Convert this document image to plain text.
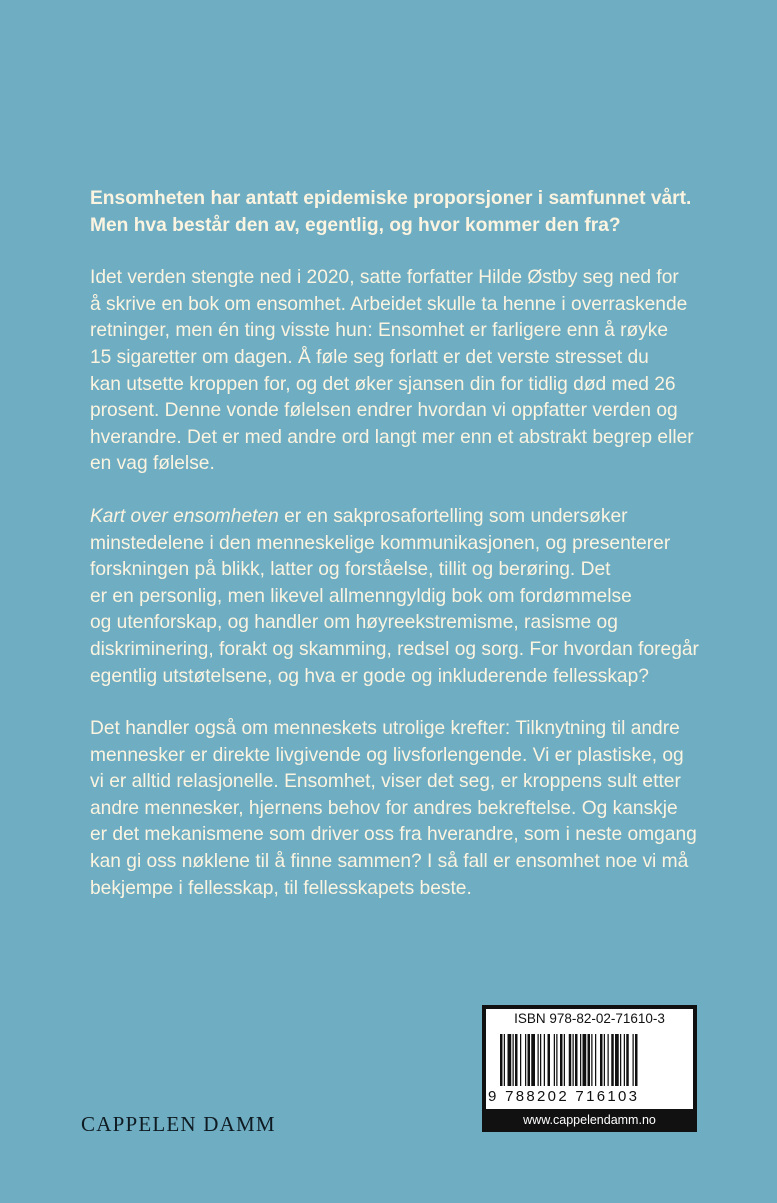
Ensomheten har antatt epidemiske proporsjoner i samfunnet vårt.
Men hva består den av, egentlig, og hvor kommer den fra?

Idet verden stengte ned i 2020, satte forfatter Hilde Østby seg ned for
å skrive en bok om ensomhet. Arbeidet skulle ta henne i overraskende
retninger, men én ting visste hun: Ensomhet er farligere enn å røyke
15 sigaretter om dagen. Å føle seg forlatt er det verste stresset du
kan utsette kroppen for, og det øker sjansen din for tidlig død med 26
prosent. Denne vonde følelsen endrer hvordan vi oppfatter verden og
hverandre. Det er med andre ord langt mer enn et abstrakt begrep eller
en vag følelse.

Kart over ensomheten er en sakprosafortelling som undersøker
minstedelene i den menneskelige kommunikasjonen, og presenterer
forskningen på blikk, latter og forståelse, tillit og berøring. Det
er en personlig, men likevel allmenngyldig bok om fordømmelse
og utenforskap, og handler om høyreekstremisme, rasisme og
diskriminering, forakt og skamming, redsel og sorg. For hvordan foregår
egentlig utstøtelsene, og hva er gode og inkluderende fellesskap?

Det handler også om menneskets utrolige krefter: Tilknytning til andre
mennesker er direkte livgivende og livsforlengende. Vi er plastiske, og
vi er alltid relasjonelle. Ensomhet, viser det seg, er kroppens sult etter
andre mennesker, hjernens behov for andres bekreftelse. Og kanskje
er det mekanismene som driver oss fra hverandre, som i neste omgang
kan gi oss nøklene til å finne sammen? I så fall er ensomhet noe vi må
bekjempe i fellesskap, til fellesskapets beste.

CAPPELEN DAMM
ISBN 978-82-02-71610-3
9 788202 716103
www.cappelendamm.no
